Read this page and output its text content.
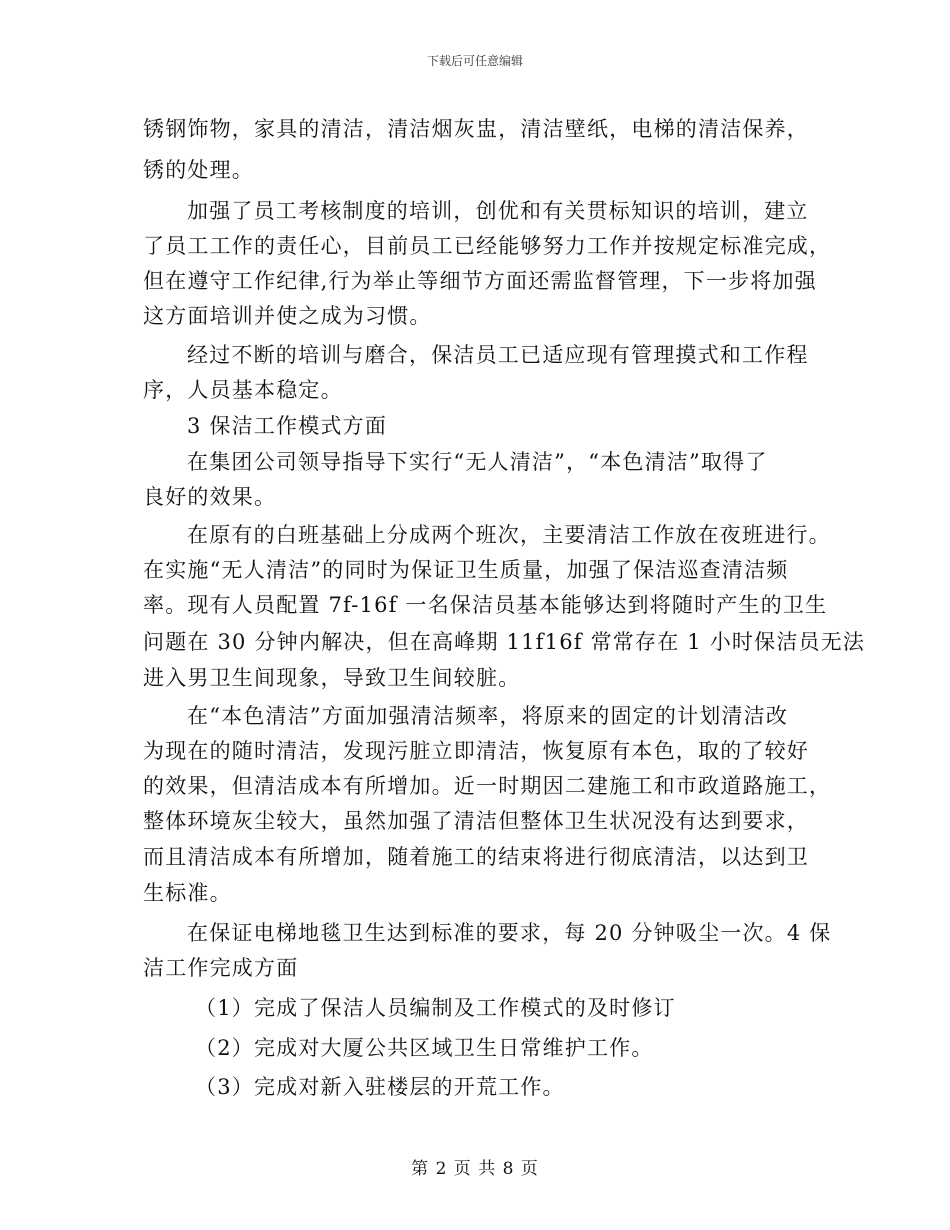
下载后可任意编辑
锈钢饰物，家具的清洁，清洁烟灰盅，清洁壁纸，电梯的清洁保养，
锈的处理。
加强了员工考核制度的培训，创优和有关贯标知识的培训，建立
了员工工作的责任心，目前员工已经能够努力工作并按规定标准完成，
但在遵守工作纪律,行为举止等细节方面还需监督管理，下一步将加强
这方面培训并使之成为习惯。
经过不断的培训与磨合，保洁员工已适应现有管理摸式和工作程
序，人员基本稳定。
3 保洁工作模式方面
在集团公司领导指导下实行“无人清洁”，“本色清洁”取得了
良好的效果。
在原有的白班基础上分成两个班次，主要清洁工作放在夜班进行。
在实施“无人清洁”的同时为保证卫生质量，加强了保洁巡查清洁频
率。现有人员配置 7f-16f 一名保洁员基本能够达到将随时产生的卫生
问题在 30 分钟内解决，但在高峰期 11f16f 常常存在 1 小时保洁员无法
进入男卫生间现象，导致卫生间较脏。
在“本色清洁”方面加强清洁频率，将原来的固定的计划清洁改
为现在的随时清洁，发现污脏立即清洁，恢复原有本色，取的了较好
的效果，但清洁成本有所增加。近一时期因二建施工和市政道路施工，
整体环境灰尘较大，虽然加强了清洁但整体卫生状况没有达到要求，
而且清洁成本有所增加，随着施工的结束将进行彻底清洁，以达到卫
生标准。
在保证电梯地毯卫生达到标准的要求，每 20 分钟吸尘一次。4 保
洁工作完成方面
（1）完成了保洁人员编制及工作模式的及时修订
（2）完成对大厦公共区域卫生日常维护工作。
（3）完成对新入驻楼层的开荒工作。
第 2 页 共 8 页
